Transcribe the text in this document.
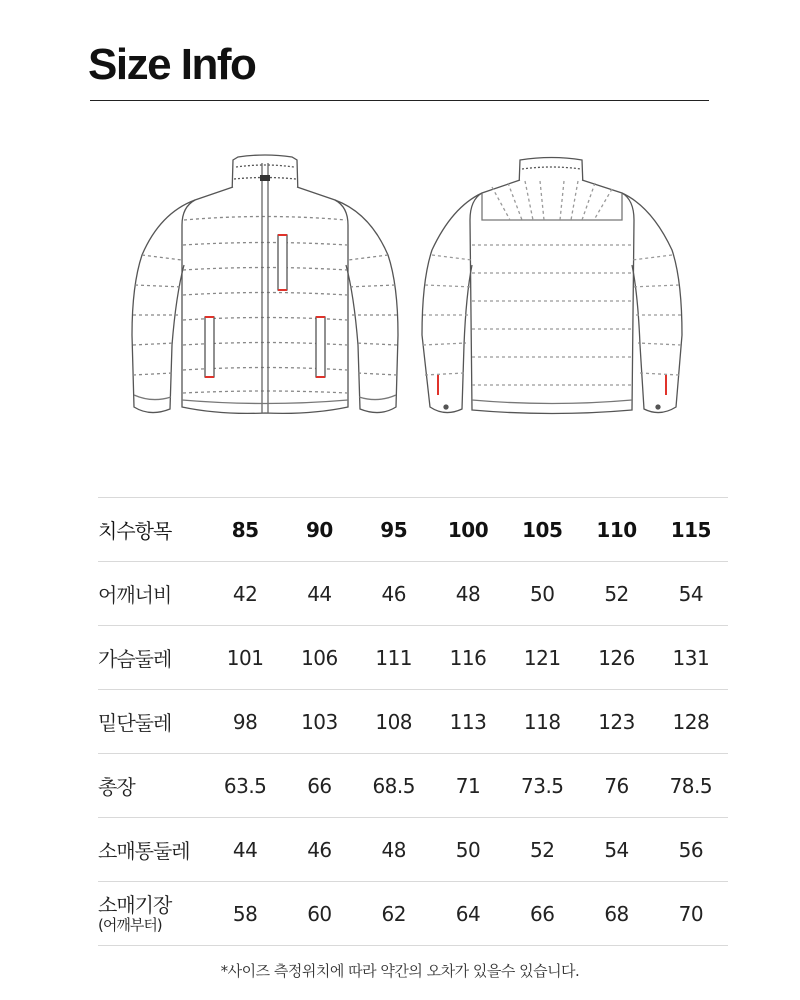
Size Info
치수항목	85	90	95	100	105	110	115
어깨너비	42	44	46	48	50	52	54
가슴둘레	101	106	111	116	121	126	131
밑단둘레	98	103	108	113	118	123	128
총장	63.5	66	68.5	71	73.5	76	78.5
소매통둘레	44	46	48	50	52	54	56

소매기장
(어깨부터)	58	60	62	64	66	68	70
*사이즈 측정위치에 따라 약간의 오차가 있을수 있습니다.
